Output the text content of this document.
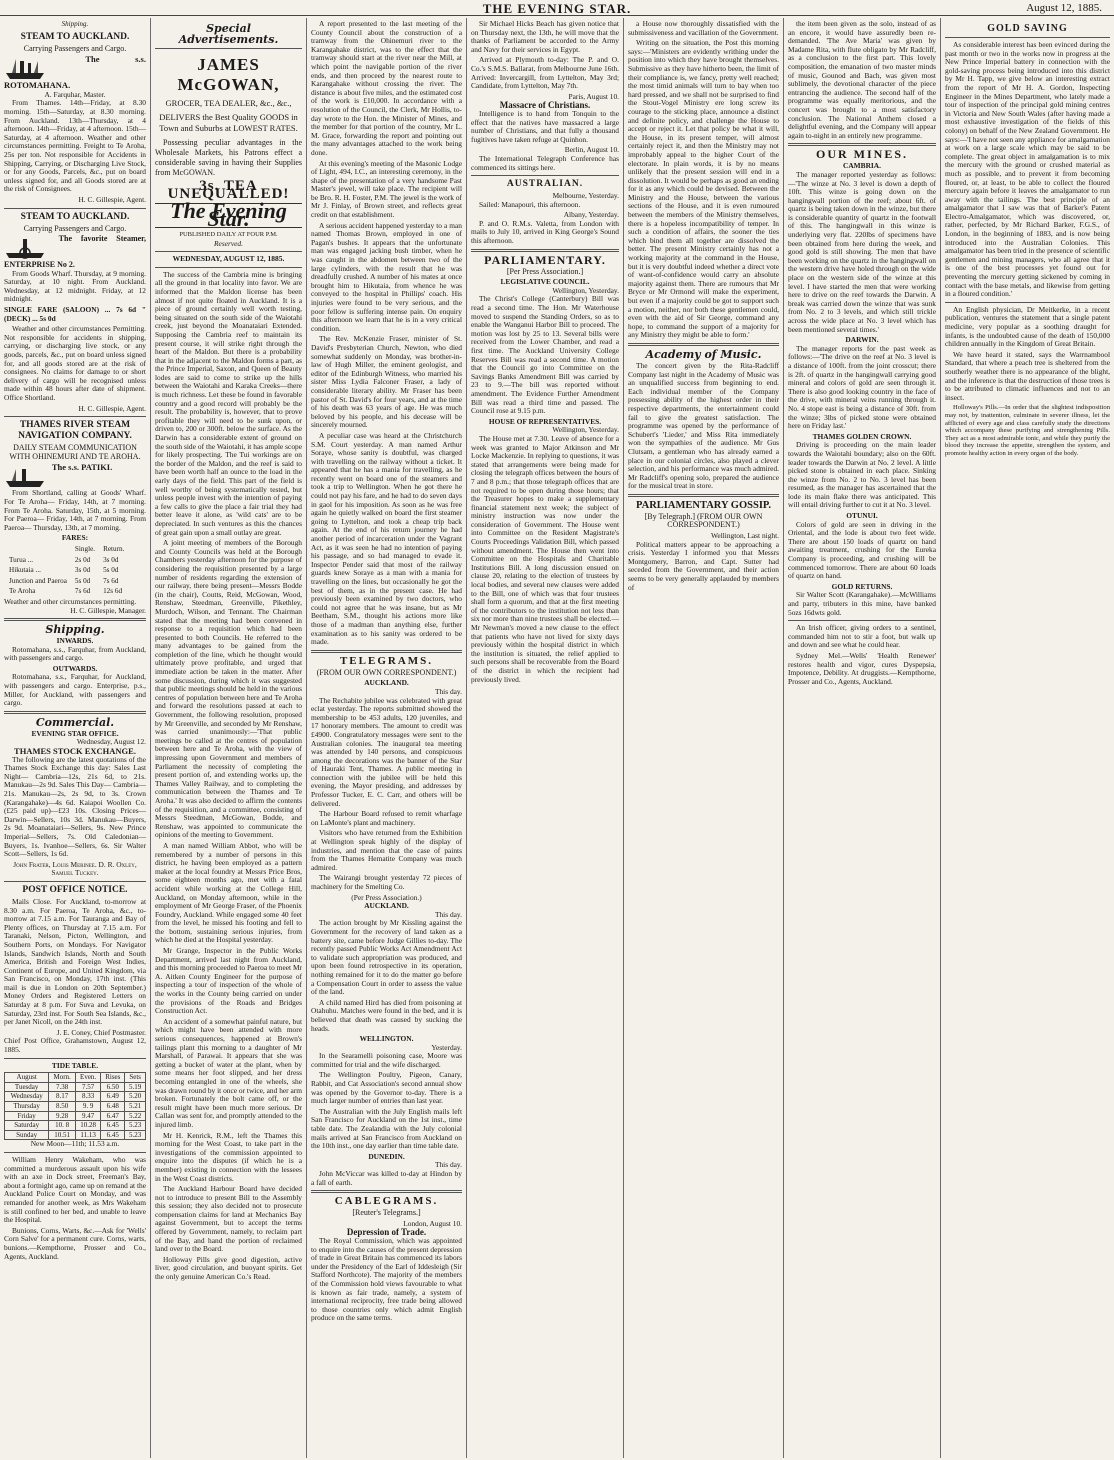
THE EVENING STAR.	August 12, 1885.
Shipping.
STEAM TO AUCKLAND.
Carrying Passengers and Cargo.
The s.s. ROTOMAHANA.
A. Farquhar, Master.

From Thames. 14th—Friday, at 8.30 morning. 15th—Saturday, at 8.30 morning. From Auckland. 13th—Thursday, at 4 afternoon. 14th—Friday, at 4 afternoon. 15th—Saturday, at 4 afternoon. Weather and other circumstances permitting. Freight to Te Aroha, 25s per ton. Not responsible for Accidents in Shipping, Carrying, or Discharging Live Stock, or for any Goods, Parcels, &c., put on board unless signed for, and all Goods stored are at the risk of Consignees.

H. C. Gillespie, Agent.
STEAM TO AUCKLAND.
Carrying Passengers and Cargo.
The favorite Steamer, ENTERPRISE No 2.

From Goods Wharf. Thursday, at 9 morning. Saturday, at 10 night. From Auckland. Wednesday, at 12 midnight. Friday, at 12 midnight.

SINGLE FARE (SALOON) ... 7s 6d " (DECK) ... 5s 0d

Weather and other circumstances Permitting. Not responsible for accidents in shipping, carrying, or discharging live stock, or any goods, parcels, &c., put on board unless signed for, and all goods stored are at the risk of consignees. No claims for damage to or short delivery of cargo will be recognised unless made within 48 hours after date of shipment. Office Shortland.

H. C. Gillespie, Agent.
THAMES RIVER STEAM NAVIGATION COMPANY.
DAILY STEAM COMMUNICATION WITH OHINEMURI AND TE AROHA.
The s.s. PATIKI.

From Shortland, calling at Goods' Wharf. For Te Aroha— Friday, 14th, at 7 morning. From Te Aroha. Saturday, 15th, at 5 morning. For Paeroa— Friday, 14th, at 7 morning. From Paeroa— Thursday, 13th, at 7 morning.

FARES:
	Single.	Return.
Turua ...	2s 0d	3s 0d
Hikutaia ...	3s 0d	5s 0d
Junction and Paeroa	5s 0d	7s 6d
Te Aroha	7s 6d	12s 6d
Weather and other circumstances permitting.
H. C. Gillespie, Manager.
Shipping.
INWARDS.

Rotomahana, s.s., Farquhar, from Auckland, with passengers and cargo.

OUTWARDS.

Rotomahana, s.s., Farquhar, for Auckland, with passengers and cargo. Enterprise, p.s., Miller, for Auckland, with passengers and cargo.

Commercial.
EVENING STAR OFFICE.
Wednesday, August 12.
THAMES STOCK EXCHANGE.

The following are the latest quotations of the Thames Stock Exchange this day: Sales Last Night— Cambria—12s, 21s 6d, to 21s. Manukau—2s 9d. Sales This Day— Cambria—21s. Manukau—2s, 2s 9d, to 3s. Crown (Karangahake)—4s 6d. Kaiapoi Woollen Co. (£25 paid up)—£23 10s. Closing Prices— Darwin—Sellers, 10s 3d. Manukau—Buyers, 2s 9d. Moanataiari—Sellers, 9s. New Prince Imperial—Sellers, 7s. Old Caledonian—Buyers, 1s. Ivanhoe—Sellers, 6s. Sir Walter Scott—Sellers, 1s 6d.

John Frater, Louis Merinee. D. R. Oxley, Samuel Tuckey.
POST OFFICE NOTICE.

Mails Close. For Auckland, to-morrow at 8.30 a.m. For Paeroa, Te Aroha, &c., to-morrow at 7.15 a.m. For Tauranga and Bay of Plenty offices, on Thursday at 7.15 a.m. For Taranaki, Nelson, Picton, Wellington, and Southern Ports, on Mondays. For Navigator Islands, Sandwich Islands, North and South America, British and Foreign West Indies, Continent of Europe, and United Kingdom, via San Francisco, on Monday, 17th inst. (This mail is due in London on 20th September.) Money Orders and Registered Letters on Saturday at 8 p.m. For Suva and Levuka, on Saturday, 23rd inst. For South Sea Islands, &c., per Janet Nicoll, on the 24th inst.

J. E. Coney, Chief Postmaster.
Chief Post Office, Grahamstown, August 12, 1885.
TIDE TABLE.
August	Morn.	Even.	Rises	Sets
Tuesday	7.38	7.57	6.50	5.19
Wednesday	8.17	8.33	6.49	5.20
Thursday	8.50	9. 9	6.48	5.21
Friday	9.28	9.47	6.47	5.22
Saturday	10. 8	10.28	6.45	5.23
Sunday	10.51	11.13	6.45	5.23
New Moon—11th; 11.53 a.m.

William Henry Wakeham, who was committed a murderous assault upon his wife with an axe in Dock street, Freeman's Bay, about a fortnight ago, came up on remand at the Auckland Police Court on Monday, and was remanded for another week, as Mrs Wakeham is still confined to her bed, and unable to leave the Hospital.

Bunions, Corns, Warts, &c.—Ask for 'Wells' Corn Salve' for a permanent cure. Corns, warts, bunions.—Kempthorne, Prosser and Co., Agents, Auckland.

Special Advertisements.
JAMES McGOWAN,
GROCER, TEA DEALER, &c., &c.,
DELIVERS the Best Quality GOODS in Town and Suburbs at LOWEST RATES.

Possessing peculiar advantages in the Wholesale Markets, his Patrons effect a considerable saving in having their Supplies from McGOWAN.

3s. TEA UNEQUALLED!
The Evening Star.
PUBLISHED DAILY AT FOUR P.M.
Reserved.
WEDNESDAY, AUGUST 12, 1885.

The success of the Cambria mine is bringing all the ground in that locality into favor. We are informed that the Maldon license has been almost if not quite floated in Auckland. It is a piece of ground certainly well worth testing, being situated on the south side of the Waiotahi creek, just beyond the Moanataiari Extended. Supposing the Cambria reef to maintain its present course, it will strike right through the heart of the Maldon. But there is a probability that in the adjacent to the Maldon forms a part, as the Prince Imperial, Saxon, and Queen of Beauty lodes are said to come to strike up the hills between the Waiotahi and Karaka Creeks—there is much richness. Let these be found in favorable country and a good record will probably be the result. The probability is, however, that to prove profitable they will need to be sunk upon, or driven to, 200 or 300ft. below the surface. As the Darwin has a considerable extent of ground on the south side of the Waiotahi, it has ample scope for likely prospecting. The Tui workings are on the border of the Maldon, and the reef is said to have been worth half an ounce to the load in the early days of the field. This part of the field is well worthy of being systematically tested, but unless people invest with the intention of paying a few calls to give the place a fair trial they had better leave it alone, as 'wild cats' are to be depreciated. In such ventures as this the chances of great gain upon a small outlay are great.

A joint meeting of members of the Borough and County Councils was held at the Borough Chambers yesterday afternoon for the purpose of considering the requisition presented by a large number of residents regarding the extension of our railway, there being present—Messrs Bodde (in the chair), Coutts, Reid, McGowan, Wood, Renshaw, Steedman, Greenville, Pikethley, Murdoch, Wilson, and Tennant. The Chairman stated that the meeting had been convened in response to a requisition which had been presented to both Councils. He referred to the many advantages to be gained from the completion of the line, which he thought would ultimately prove profitable, and urged that immediate action be taken in the matter. After some discussion, during which it was suggested that public meetings should be held in the various centres of population between here and Te Aroha and forward the resolutions passed at each to Government, the following resolution, proposed by Mr Greenville, and seconded by Mr Renshaw, was carried unanimously:—'That public meetings be called at the centres of population between here and Te Aroha, with the view of impressing upon Government and members of Parliament the necessity of completing the present portion of, and extending works up, the Thames Valley Railway, and to completing the communication between the Thames and Te Aroha.' It was also decided to affirm the contents of the requisition, and a committee, consisting of Messrs Steedman, McGowan, Bodde, and Renshaw, was appointed to communicate the opinions of the meeting to Government.

A man named William Abbot, who will be remembered by a number of persons in this district, he having been employed as a pattern maker at the local foundry at Messrs Price Bros, some eighteen months ago, met with a fatal accident while working at the College Hill, Auckland, on Monday afternoon, while in the employment of Mr George Fraser, of the Phoenix Foundry, Auckland. While engaged some 40 feet from the level, he missed his footing and fell to the bottom, sustaining serious injuries, from which he died at the Hospital yesterday.

Mr Grange, Inspector in the Public Works Department, arrived last night from Auckland, and this morning proceeded to Paeroa to meet Mr A. Aitken County Engineer for the purpose of inspecting a tour of inspection of the whole of the works in the County being carried on under the provisions of the Roads and Bridges Construction Act.

An accident of a somewhat painful nature, but which might have been attended with more serious consequences, happened at Brown's tailings plant this morning to a daughter of Mr Marshall, of Parawai. It appears that she was getting a bucket of water at the plant, when by some means her foot slipped, and her dress becoming entangled in one of the wheels, she was drawn round by it once or twice, and her arm broken. Fortunately the bolt came off, or the result might have been much more serious. Dr Callan was sent for, and promptly attended to the injured limb.

Mr H. Kenrick, R.M., left the Thames this morning for the West Coast, to take part in the investigations of the commission appointed to enquire into the disputes (if which he is a member) existing in connection with the lessees in the West Coast districts.

The Auckland Harbour Board have decided not to introduce to present Bill to the Assembly this session; they also decided not to prosecute compensation claims for land at Mechanics Bay against Government, but to accept the terms offered by Government, namely, to reclaim part of the Bay, and hand the portion of reclaimed land over to the Board.

Holloway Pills give good digestion, active liver, good circulation, and buoyant spirits. Get the only genuine American Co.'s Read.

A report presented to the last meeting of the County Council about the construction of a tramway from the Ohinemuri river to the Karangahake district, was to the effect that the tramway should start at the river near the Mill, at which point the navigable portion of the river ends, and then proceed by the nearest route to Karangahake without crossing the river. The distance is about five miles, and the estimated cost of the work is £10,000. In accordance with a resolution of the Council, the Clerk, Mr Hollis, to-day wrote to the Hon. the Minister of Mines, and the member for that portion of the country, Mr L. M. Grace, forwarding the report and pointing out the many advantages attached to the work being done.

At this evening's meeting of the Masonic Lodge of Light, 494, I.C., an interesting ceremony, in the shape of the presentation of a very handsome Past Master's jewel, will take place. The recipient will be Bro. R. H. Foster, P.M. The jewel is the work of Mr J. Finlay, of Brown street, and reflects great credit on that establishment.

A serious accident happened yesterday to a man named Thomas Brown, employed in one of Pagan's bushes. It appears that the unfortunate man was engaged jacking bush timber, when he was caught in the abdomen between two of the large cylinders, with the result that he was dreadfully crushed. A number of his mates at once brought him to Hikutaia, from whence he was conveyed to the hospital in Phillips' coach. His injuries were found to be very serious, and the poor fellow is suffering intense pain. On enquiry this afternoon we learn that he is in a very critical condition.

The Rev. McKenzie Fraser, minister of St. David's Presbyterian Church, Newton, who died somewhat suddenly on Monday, was brother-in-law of Hugh Miller, the eminent geologist, and editor of the Edinburgh Witness, who married his sister Miss Lydia Falconer Fraser, a lady of considerable literary ability. Mr Fraser has been pastor of St. David's for four years, and at the time of his death was 63 years of age. He was much beloved by his people, and his decease will be sincerely mourned.

A peculiar case was heard at the Christchurch S.M. Court yesterday. A man named Arthur Soraye, whose sanity is doubtful, was charged with travelling on the railway without a ticket. It appeared that he has a mania for travelling, as he recently went on board one of the steamers and took a trip to Wellington. When he got there he could not pay his fare, and he had to do seven days in gaol for his imposition. As soon as he was free again he quietly walked on board the first steamer going to Lyttelton, and took a cheap trip back again. At the end of his return journey he had another period of incarceration under the Vagrant Act, as it was seen he had no intention of paying his passage, and so had managed to evade it. Inspector Pender said that most of the railway guards knew Soraye as a man with a mania for travelling on the lines, but occasionally he got the best of them, as in the present case. He had previously been examined by two doctors, who could not agree that he was insane, but as Mr Beetham, S.M., thought his actions more like those of a madman than anything else, further examination as to his sanity was ordered to be made.

TELEGRAMS.
(FROM OUR OWN CORRESPONDENT.)
AUCKLAND.
This day.

The Rechabite jubilee was celebrated with great eclat yesterday. The reports submitted showed the membership to be 453 adults, 120 juveniles, and 17 honorary members. The amount to credit was £4900. Congratulatory messages were sent to the Australian colonies. The inaugural tea meeting was attended by 140 persons, and conspicuous among the decorations was the banner of the Star of Hauraki Tent, Thames. A public meeting in connection with the jubilee will be held this evening, the Mayor presiding, and addresses by Professor Tucker, E. C. Carr, and others will be delivered.

The Harbour Board refused to remit wharfage on LaMonte's plant and machinery.

Visitors who have returned from the Exhibition at Wellington speak highly of the display of industries, and mention that the case of paints from the Thames Hematite Company was much admired.

The Wairangi brought yesterday 72 pieces of machinery for the Smelting Co.

(Per Press Association.)
AUCKLAND.
This day.

The action brought by Mr Kissling against the Government for the recovery of land taken as a battery site, came before Judge Gillies to-day. The recently passed Public Works Act Amendment Act to validate such appropriation was produced, and upon been found retrospective in its operation, nothing remained for it to do the matter go before a Compensation Court in order to assess the value of the land.

A child named Hird has died from poisoning at Otahuhu. Matches were found in the bed, and it is believed that death was caused by sucking the heads.

WELLINGTON.
Yesterday.

In the Searamelli poisoning case, Moore was committed for trial and the wife discharged.

The Wellington Poultry, Pigeon, Canary, Rabbit, and Cat Association's second annual show was opened by the Governor to-day. There is a much larger number of entries than last year.

The Australian with the July English mails left San Francisco for Auckland on the 1st inst., time table date. The Zealandia with the July colonial mails arrived at San Francisco from Auckland on the 10th inst., one day earlier than time table date.

DUNEDIN.
This day.

John McViccar was killed to-day at Hindon by a fall of earth.

CABLEGRAMS.
[Reuter's Telegrams.]
London, August 10.
Depression of Trade.

The Royal Commission, which was appointed to enquire into the causes of the present depression of trade in Great Britain has commenced its labors under the Presidency of the Earl of Iddesleigh (Sir Stafford Northcote). The majority of the members of the Commission hold views favourable to what is known as fair trade, namely, a system of international reciprocity, free trade being allowed to those countries only which admit English produce on the same terms.

Sir Michael Hicks Beach has given notice that on Thursday next, the 13th, he will move that the thanks of Parliament be accorded to the Army and Navy for their services in Egypt.

Arrived at Plymouth to-day: The P. and O. Co.'s S.M.S. Ballarat, from Melbourne June 16th. Arrived: Invercargill, from Lyttelton, May 3rd; Candidate, from Lyttelton, May 7th.

Paris, August 10.
Massacre of Christians.

Intelligence is to hand from Tonquin to the effect that the natives have massacred a large number of Christians, and that fully a thousand fugitives have taken refuge at Quinhon.

Berlin, August 10.

The International Telegraph Conference has commenced its sittings here.

AUSTRALIAN.
Melbourne, Yesterday.

Sailed: Manapouri, this afternoon.

Albany, Yesterday.

P. and O. R.M.s. Valetta, from London with mails to July 10, arrived in King George's Sound this afternoon.

PARLIAMENTARY.
[Per Press Association.]
LEGISLATIVE COUNCIL.
Wellington, Yesterday.

The Christ's College (Canterbury) Bill was read a second time. The Hon. Mr Waterhouse moved to suspend the Standing Orders, so as to enable the Wanganui Harbor Bill to proceed. The motion was lost by 25 to 13. Several bills were received from the Lower Chamber, and read a first time. The Auckland University College Reserves Bill was read a second time. A motion that the Council go into Committee on the Savings Banks Amendment Bill was carried by 23 to 9.—The bill was reported without amendment. The Evidence Further Amendment Bill was read a third time and passed. The Council rose at 9.15 p.m.

HOUSE OF REPRESENTATIVES.
Wellington, Yesterday.

The House met at 7.30. Leave of absence for a week was granted to Major Atkinson and Mr Locke Mackenzie. In replying to questions, it was stated that arrangements were being made for closing the telegraph offices between the hours of 7 and 8 p.m.; that those telegraph offices that are not required to be open during those hours; that the Treasurer hopes to make a supplementary financial statement next week; the subject of ministry instruction was now under the consideration of Government. The House went into Committee on the Resident Magistrate's Courts Proceedings Validation Bill, which passed without amendment. The House then went into Committee on the Hospitals and Charitable Institutions Bill. A long discussion ensued on clause 20, relating to the election of trustees by local bodies, and several new clauses were added to the Bill, one of which was that four trustees shall form a quorum, and that at the first meeting of the contributors to the institution not less than six nor more than nine trustees shall be elected.—Mr Newman's moved a new clause to the effect that patients who have not lived for sixty days previously within the hospital district in which the institution is situated, the relief applied to such persons shall be recoverable from the Board of the district in which the recipient had previously lived.

a House now thoroughly dissatisfied with the submissiveness and vacillation of the Government.

Writing on the situation, the Post this morning says:—'Ministers are evidently writhing under the position into which they have brought themselves. Submissive as they have hitherto been, the limit of their compliance is, we fancy, pretty well reached; the most timid animals will turn to bay when too hard pressed, and we shall not be surprised to find the Stout-Vogel Ministry ere long screw its courage to the sticking place, announce a distinct and definite policy, and challenge the House to accept or reject it. Let that policy be what it will, the House, in its present temper, will almost certainly reject it, and then the Ministry may not improbably appeal to the higher Court of the electorate. In plain words, it is by no means unlikely that the present session will end in a dissolution. It would be perhaps as good an ending for it as any which could be devised. Between the Ministry and the House, between the various sections of the House, and it is even rumoured between the members of the Ministry themselves, there is a hopeless incompatibility of temper. In such a condition of affairs, the sooner the ties which bind them all together are dissolved the better. The present Ministry certainly has not a working majority at the command in the House, but it is very doubtful indeed whether a direct vote of want-of-confidence would carry an absolute majority against them. There are rumours that Mr Bryce or Mr Ormond will make the experiment, but even if a majority could be got to support such a motion, neither, nor both these gentlemen could, even with the aid of Sir George, command any hope, to command the support of a majority for any Ministry they might be able to form.'

Academy of Music.

The concert given by the Rita-Radcliff Company last night in the Academy of Music was an unqualified success from beginning to end. Each individual member of the Company possessing ability of the highest order in their respective departments, the entertainment could fail to give the greatest satisfaction. The programme was opened by the performance of Schubert's 'Lieder,' and Miss Rita immediately won the sympathies of the audience. Mr Gus Clutsam, a gentleman who has already earned a place in our colonial circles, also played a clever selection, and his performance was much admired. Mr Radcliff's opening solo, prepared the audience for the musical treat in store.

PARLIAMENTARY GOSSIP.
[By Telegraph.] (FROM OUR OWN CORRESPONDENT.)
Wellington, Last night.

Political matters appear to be approaching a crisis. Yesterday I informed you that Messrs Montgomery, Barron, and Capt. Sutter had seceded from the Government, and their action seems to be very generally applauded by members of

the item been given as the solo, instead of as an encore, it would have assuredly been re-demanded. 'The Ave Maria' was given by Madame Rita, with flute obligato by Mr Radcliff, as a conclusion to the first part. This lovely composition, the emanation of two master minds of music, Gounod and Bach, was given most sublimely, the devotional character of the piece entrancing the audience. The second half of the programme was equally meritorious, and the concert was brought to a most satisfactory conclusion. The National Anthem closed a delightful evening, and the Company will appear again to-night in an entirely new programme.

OUR MINES.
CAMBRIA.

The manager reported yesterday as follows:—'The winze at No. 3 level is down a depth of 10ft. This winze is going down on the hangingwall portion of the reef; about 6ft. of quartz is being taken down in the winze, but there is considerable quantity of quartz in the footwall of this. The hangingwall in this winze is underlying very flat. 220lbs of specimens have been obtained from here during the week, and good gold is still showing. The men that have been working on the quartz in the hangingwall on the western drive have holed through on the wide place on the western side of the winze at this level. I have started the men that were working here to drive on the reef towards the Darwin. A break was carried down the winze that was sunk from No. 2 to 3 levels, and which still trickle across the wide place at No. 3 level which has been mentioned several times.'

DARWIN.

The manager reports for the past week as follows:—'The drive on the reef at No. 3 level is a distance of 100ft. from the joint crosscut; there is 2ft. of quartz in the hangingwall carrying good mineral and colors of gold are seen through it. There is also good looking country in the face of the drive, with mineral veins running through it. No. 4 stope east is being a distance of 30ft. from the winze; 3lbs of picked stone were obtained here on Friday last.'

THAMES GOLDEN CROWN.

Driving is proceeding on the main leader towards the Waiotahi boundary; also on the 60ft. leader towards the Darwin at No. 2 level. A little picked stone is obtained in each place. Sinking the winze from No. 2 to No. 3 level has been resumed, as the manager has ascertained that the lode its main flake there was anticipated. This will entail driving further to cut it at No. 3 level.

OTUNUI.

Colors of gold are seen in driving in the Oriental, and the lode is about two feet wide. There are about 150 loads of quartz on hand awaiting treatment, crushing for the Eureka Company is proceeding, and crushing will be commenced tomorrow. There are about 60 loads of quartz on hand.

GOLD RETURNS.

Sir Walter Scott (Karangahake).—McWilliams and party, tributers in this mine, have banked 5ozs 16dwts gold.

An Irish officer, giving orders to a sentinel, commanded him not to stir a foot, but walk up and down and see what he could hear.

Sydney Mel.—Wells' 'Health Renewer' restores health and vigor, cures Dyspepsia, Impotence, Debility. At druggists.—Kempthorne, Prosser and Co., Agents, Auckland.

GOLD SAVING

As considerable interest has been evinced during the past month or two in the works now in progress at the New Prince Imperial battery in connection with the gold-saving process being introduced into this district by Mr H. Tapp, we give below an interesting extract from the report of Mr H. A. Gordon, Inspecting Engineer in the Mines Department, who lately made a tour of inspection of the principal gold mining centres in Victoria and New South Wales (after having made a most exhaustive investigation of the fields of this colony) on behalf of the New Zealand Government. He says:—'I have not seen any appliance for amalgamation at work on a large scale which may be said to be complete. The great object in amalgamation is to mix the mercury with the ground or crushed material as much as possible, and to prevent it from becoming floured, or, at least, to be able to collect the floured mercury again before it leaves the amalgamator to run away with the tailings. The best principle of an amalgamator that I saw was that of Barker's Patent Electro-Amalgamator, which was discovered, or, rather, perfected, by Mr Richard Barker, F.G.S., of London, in the beginning of 1883, and is now being introduced into the Australian Colonies. This amalgamator has been tried in the presence of scientific gentlemen and mining managers, who all agree that it is one of the best processes yet found out for preventing the mercury getting sickened by coming in contact with the base metals, and likewise from getting in a floured condition.'

An English physician, Dr Meitkerke, in a recent publication, ventures the statement that a single patent medicine, very popular as a soothing draught for infants, is the undoubted cause of the death of 150,000 children annually in the Kingdom of Great Britain.

We have heard it stated, says the Warrnambool Standard, that where a peach tree is sheltered from the southerly weather there is no appearance of the blight, and the inference is that the destruction of those trees is to be attributed to climatic influences and not to an insect.

Holloway's Pills.—In order that the slightest indisposition may not, by inattention, culminate in severer illness, let the afflicted of every age and class carefully study the directions which accompany these purifying and strengthening Pills. They act as a most admirable tonic, and while they purify the blood they increase the appetite, strengthen the system, and promote healthy action in every organ of the body.
